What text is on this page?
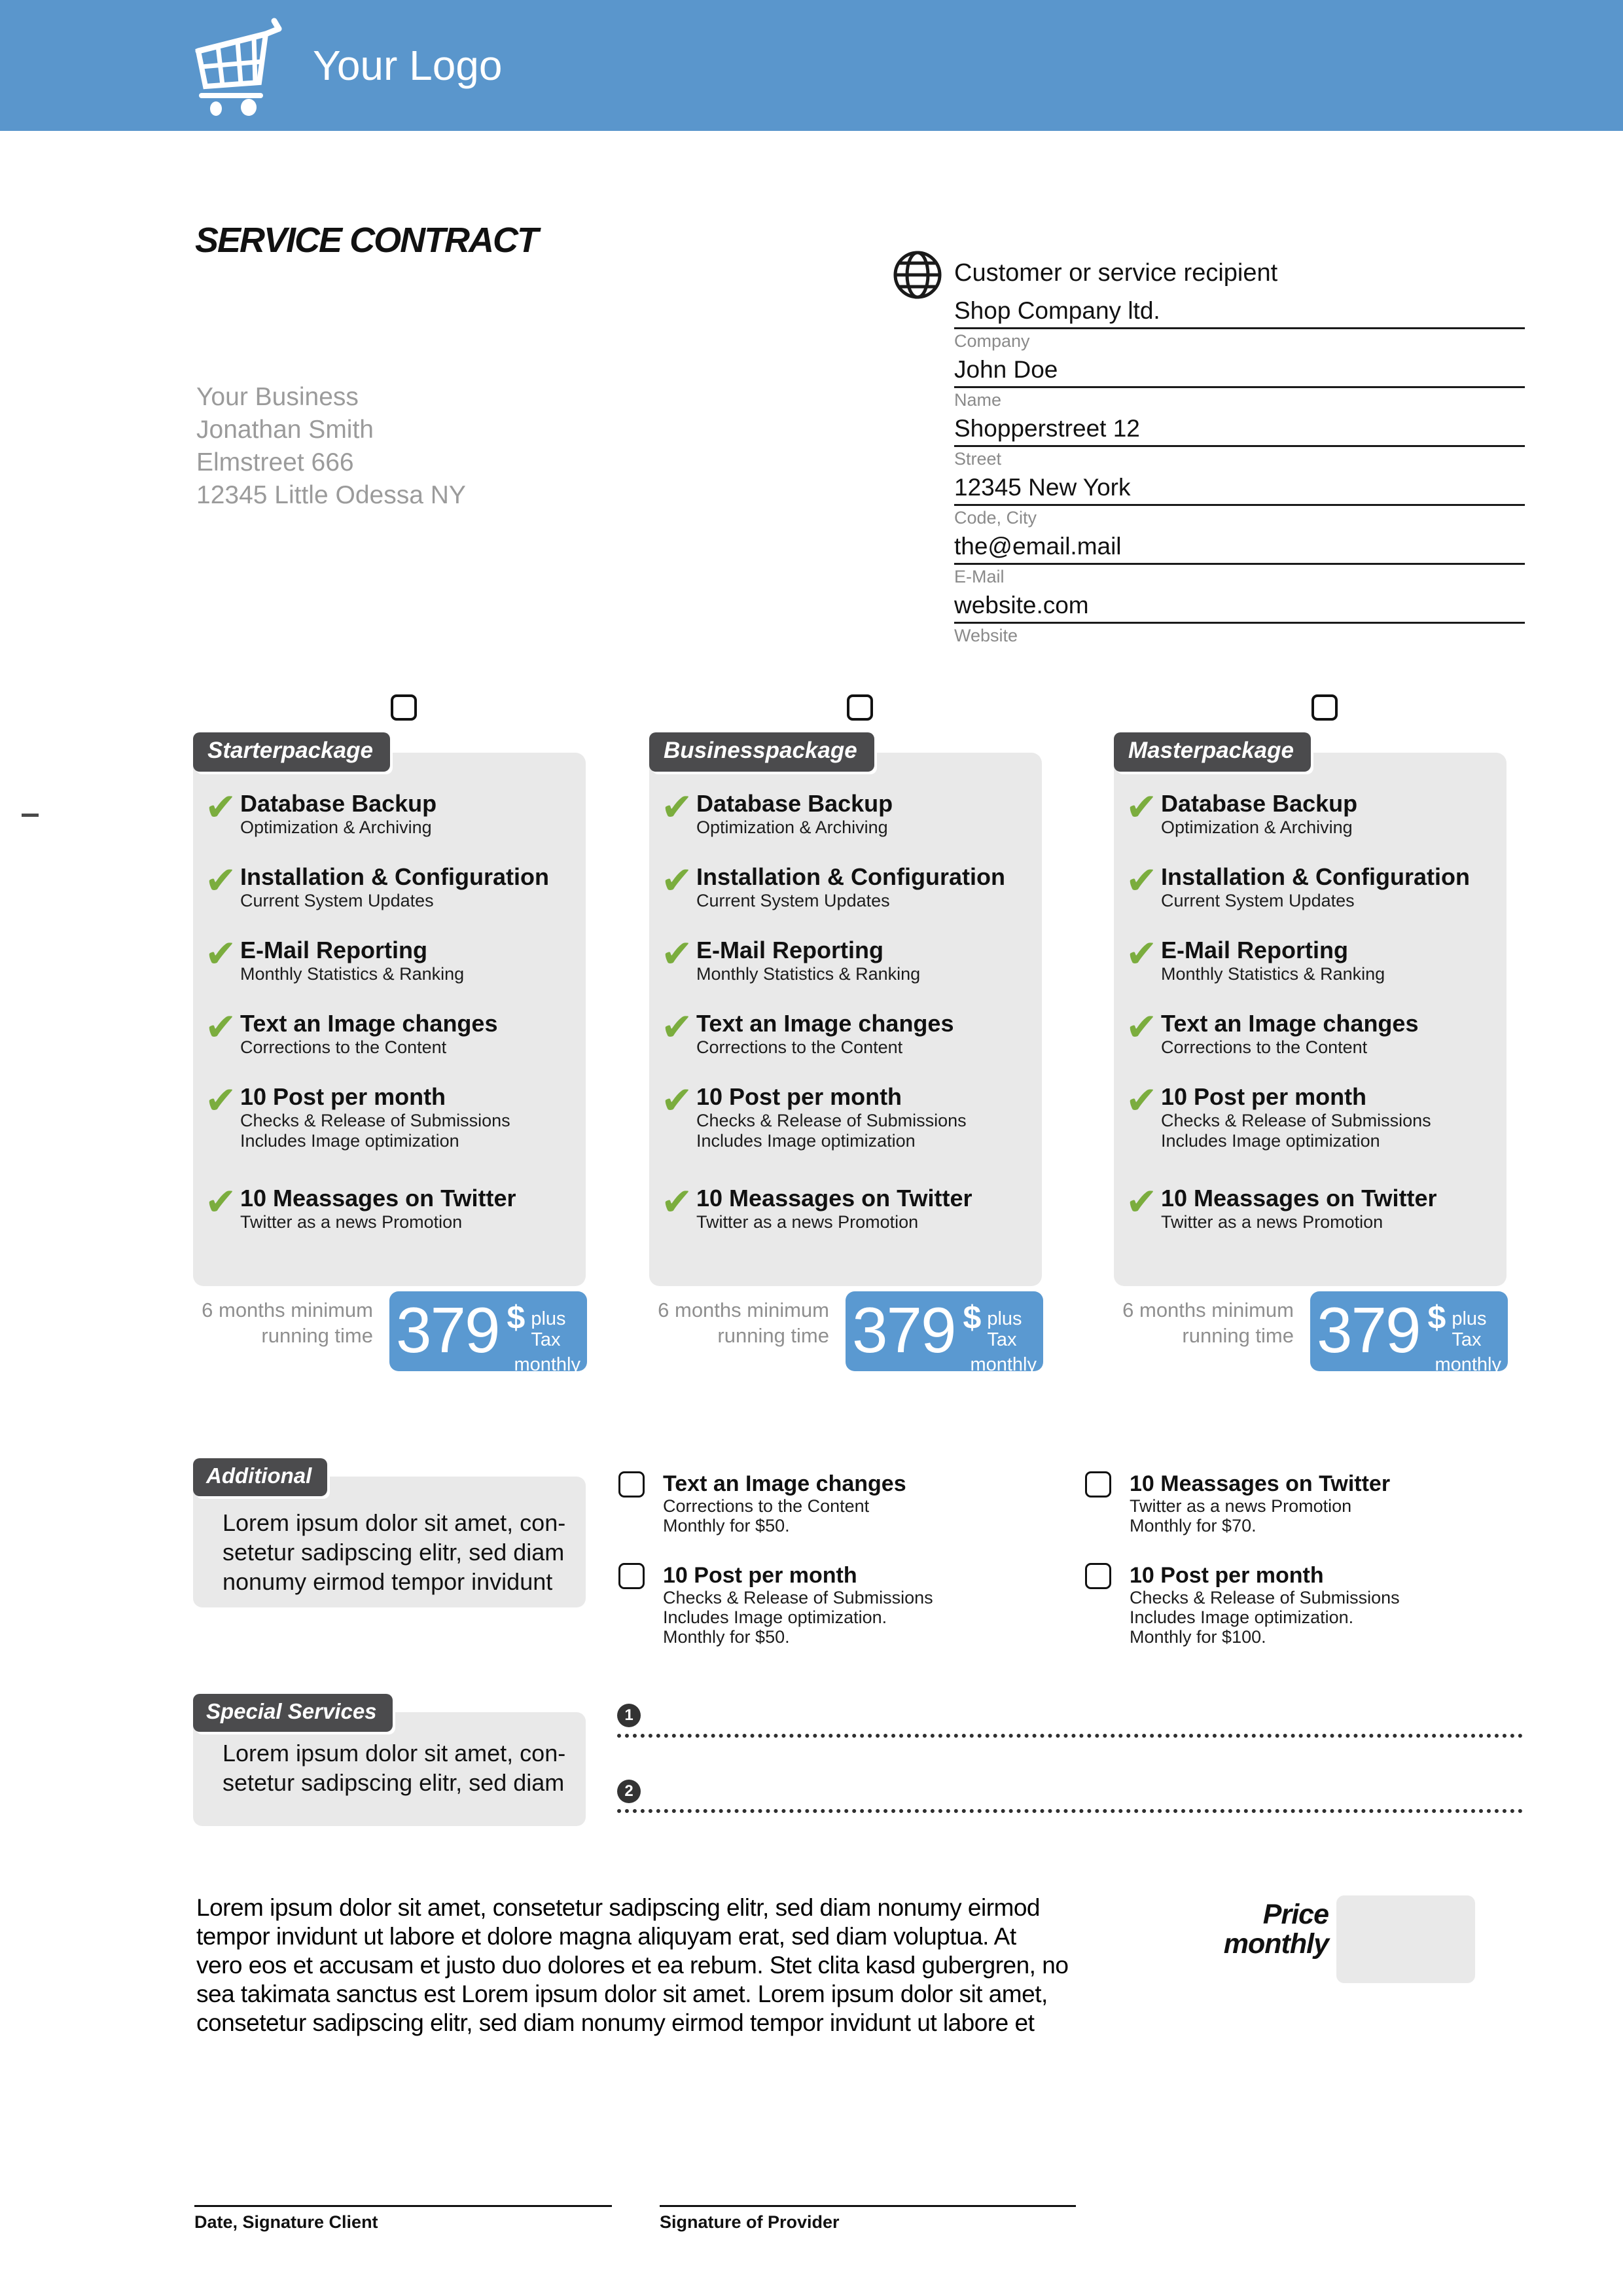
Your Logo
SERVICE CONTRACT
Your Business
Jonathan Smith
Elmstreet 666
12345 Little Odessa NY
Customer or service recipient
Shop Company ltd.
Company
John Doe
Name
Shopperstreet 12
Street
12345 New York
Code, City
the@email.mail
E-Mail
website.com
Website
Starterpackage
✔
Database Backup
Optimization & Archiving
✔
Installation & Configuration
Current System Updates
✔
E-Mail Reporting
Monthly Statistics & Ranking
✔
Text an Image changes
Corrections to the Content
✔
10 Post per month
Checks & Release of Submissions
Includes Image optimization
✔
10 Meassages on Twitter
Twitter as a news Promotion
6 months minimum
running time 379 $ plus Tax
monthly
Businesspackage
✔
Database Backup
Optimization & Archiving
✔
Installation & Configuration
Current System Updates
✔
E-Mail Reporting
Monthly Statistics & Ranking
✔
Text an Image changes
Corrections to the Content
✔
10 Post per month
Checks & Release of Submissions
Includes Image optimization
✔
10 Meassages on Twitter
Twitter as a news Promotion
6 months minimum
running time 379 $ plus Tax
monthly
Masterpackage
✔
Database Backup
Optimization & Archiving
✔
Installation & Configuration
Current System Updates
✔
E-Mail Reporting
Monthly Statistics & Ranking
✔
Text an Image changes
Corrections to the Content
✔
10 Post per month
Checks & Release of Submissions
Includes Image optimization
✔
10 Meassages on Twitter
Twitter as a news Promotion
6 months minimum
running time 379 $ plus Tax
monthly
Additional
Lorem ipsum dolor sit amet, con-
setetur sadipscing elitr, sed diam
nonumy eirmod tempor invidunt
Text an Image changes
Corrections to the Content
Monthly for $50.
10 Post per month
Checks & Release of Submissions
Includes Image optimization.
Monthly for $50.
10 Meassages on Twitter
Twitter as a news Promotion
Monthly for $70.
10 Post per month
Checks & Release of Submissions
Includes Image optimization.
Monthly for $100.
Special Services
Lorem ipsum dolor sit amet, con-
setetur sadipscing elitr, sed diam
1
2
Lorem ipsum dolor sit amet, consetetur sadipscing elitr, sed diam nonumy eirmod
tempor invidunt ut labore et dolore magna aliquyam erat, sed diam voluptua. At
vero eos et accusam et justo duo dolores et ea rebum. Stet clita kasd gubergren, no
sea takimata sanctus est Lorem ipsum dolor sit amet. Lorem ipsum dolor sit amet,
consetetur sadipscing elitr, sed diam nonumy eirmod tempor invidunt ut labore et
Price
monthly
Date, Signature Client	Signature of Provider
